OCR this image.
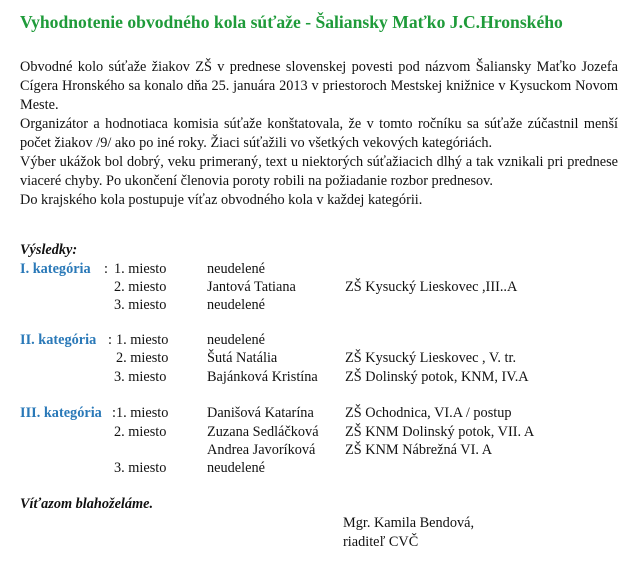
Vyhodnotenie obvodného kola súťaže - Šaliansky Maťko J.C.Hronského

Obvodné kolo súťaže žiakov ZŠ v prednese slovenskej povesti pod názvom Šaliansky Maťko Jozefa Cígera Hronského sa konalo dňa 25. januára 2013 v priestoroch Mestskej knižnice v Kysuckom Novom Meste.

Organizátor a hodnotiaca komisia súťaže konštatovala, že v tomto ročníku sa súťaže zúčastnil menší počet žiakov /9/ ako po iné roky. Žiaci súťažili vo všetkých vekových kategóriách.

Výber ukážok bol dobrý, veku primeraný, text u niektorých súťažiacich dlhý a tak vznikali pri prednese viaceré chyby. Po ukončení členovia poroty robili na požiadanie rozbor prednesov.

Do krajského kola postupuje víťaz obvodného kola v každej kategórii.

Výsledky:
I. kategória : 1. miesto	neudelené
2. miesto	Jantová Tatiana	ZŠ Kysucký Lieskovec ,III..A
3. miesto	neudelené
II. kategória : 1. miesto	neudelené
2. miesto	Šutá Natália	ZŠ Kysucký Lieskovec , V. tr.
3. miesto	Bajánková Kristína ZŠ Dolinský potok, KNM, IV.A
III. kategória : 1. miesto	Danišová Katarína ZŠ Ochodnica, VI.A / postup
2. miesto	Zuzana Sedláčková ZŠ KNM Dolinský potok, VII. A
Andrea Javoríková ZŠ KNM Nábrežná VI. A
3. miesto	neudelené
Víťazom blahoželáme.
Mgr. Kamila Bendová,
riaditeľ CVČ
